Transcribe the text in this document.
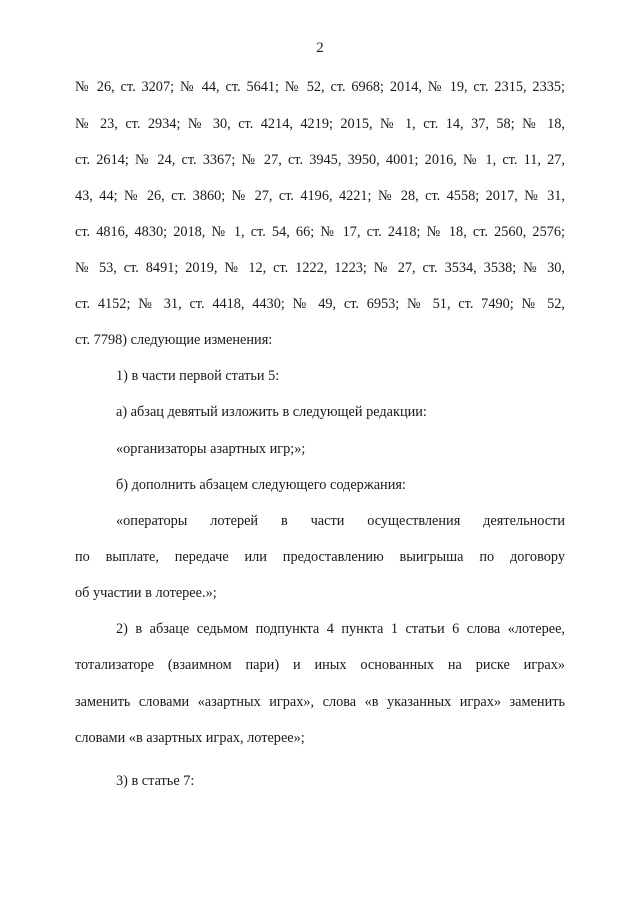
2
№ 26, ст. 3207; № 44, ст. 5641; № 52, ст. 6968; 2014, № 19, ст. 2315, 2335;
№ 23, ст. 2934; № 30, ст. 4214, 4219; 2015, № 1, ст. 14, 37, 58; № 18,
ст. 2614; № 24, ст. 3367; № 27, ст. 3945, 3950, 4001; 2016, № 1, ст. 11, 27,
43, 44; № 26, ст. 3860; № 27, ст. 4196, 4221; № 28, ст. 4558; 2017, № 31,
ст. 4816, 4830; 2018, № 1, ст. 54, 66; № 17, ст. 2418; № 18, ст. 2560, 2576;
№ 53, ст. 8491; 2019, № 12, ст. 1222, 1223; № 27, ст. 3534, 3538; № 30,
ст. 4152; № 31, ст. 4418, 4430; № 49, ст. 6953; № 51, ст. 7490; № 52,
ст. 7798) следующие изменения:
1) в части первой статьи 5:
а) абзац девятый изложить в следующей редакции:
«организаторы азартных игр;»;
б) дополнить абзацем следующего содержания:
«операторы лотерей в части осуществления деятельности
по выплате, передаче или предоставлению выигрыша по договору
об участии в лотерее.»;
2) в абзаце седьмом подпункта 4 пункта 1 статьи 6 слова «лотерее,
тотализаторе (взаимном пари) и иных основанных на риске играх»
заменить словами «азартных играх», слова «в указанных играх» заменить
словами «в азартных играх, лотерее»;
3) в статье 7:
